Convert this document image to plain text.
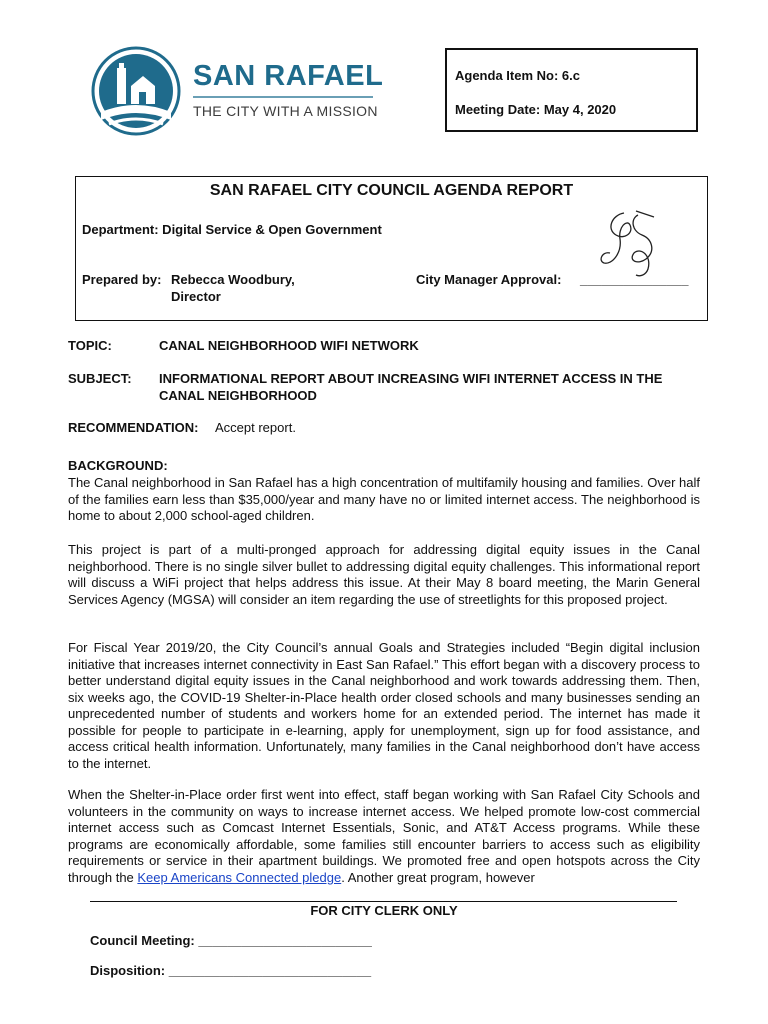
SAN RAFAEL
THE CITY WITH A MISSION
Agenda Item No: 6.c
Meeting Date: May 4, 2020
SAN RAFAEL CITY COUNCIL AGENDA REPORT
Department: Digital Service & Open Government
Prepared by: Rebecca Woodbury,
Director
City Manager Approval: _______________
TOPIC:	CANAL NEIGHBORHOOD WIFI NETWORK
SUBJECT: INFORMATIONAL REPORT ABOUT INCREASING WIFI INTERNET ACCESS IN THE
CANAL NEIGHBORHOOD
RECOMMENDATION: Accept report.
BACKGROUND:
The Canal neighborhood in San Rafael has a high concentration of multifamily housing and families. Over half of the families earn less than $35,000/year and many have no or limited internet access. The neighborhood is home to about 2,000 school-aged children.
This project is part of a multi-pronged approach for addressing digital equity issues in the Canal neighborhood. There is no single silver bullet to addressing digital equity challenges. This informational report will discuss a WiFi project that helps address this issue. At their May 8 board meeting, the Marin General Services Agency (MGSA) will consider an item regarding the use of streetlights for this proposed project.
For Fiscal Year 2019/20, the City Council’s annual Goals and Strategies included “Begin digital inclusion initiative that increases internet connectivity in East San Rafael.” This effort began with a discovery process to better understand digital equity issues in the Canal neighborhood and work towards addressing them. Then, six weeks ago, the COVID-19 Shelter-in-Place health order closed schools and many businesses sending an unprecedented number of students and workers home for an extended period. The internet has made it possible for people to participate in e-learning, apply for unemployment, sign up for food assistance, and access critical health information. Unfortunately, many families in the Canal neighborhood don’t have access to the internet.
When the Shelter-in-Place order first went into effect, staff began working with San Rafael City Schools and volunteers in the community on ways to increase internet access. We helped promote low-cost commercial internet access such as Comcast Internet Essentials, Sonic, and AT&T Access programs. While these programs are economically affordable, some families still encounter barriers to access such as eligibility requirements or service in their apartment buildings. We promoted free and open hotspots across the City through the Keep Americans Connected pledge. Another great program, however
FOR CITY CLERK ONLY
Council Meeting: ________________________
Disposition: ____________________________
